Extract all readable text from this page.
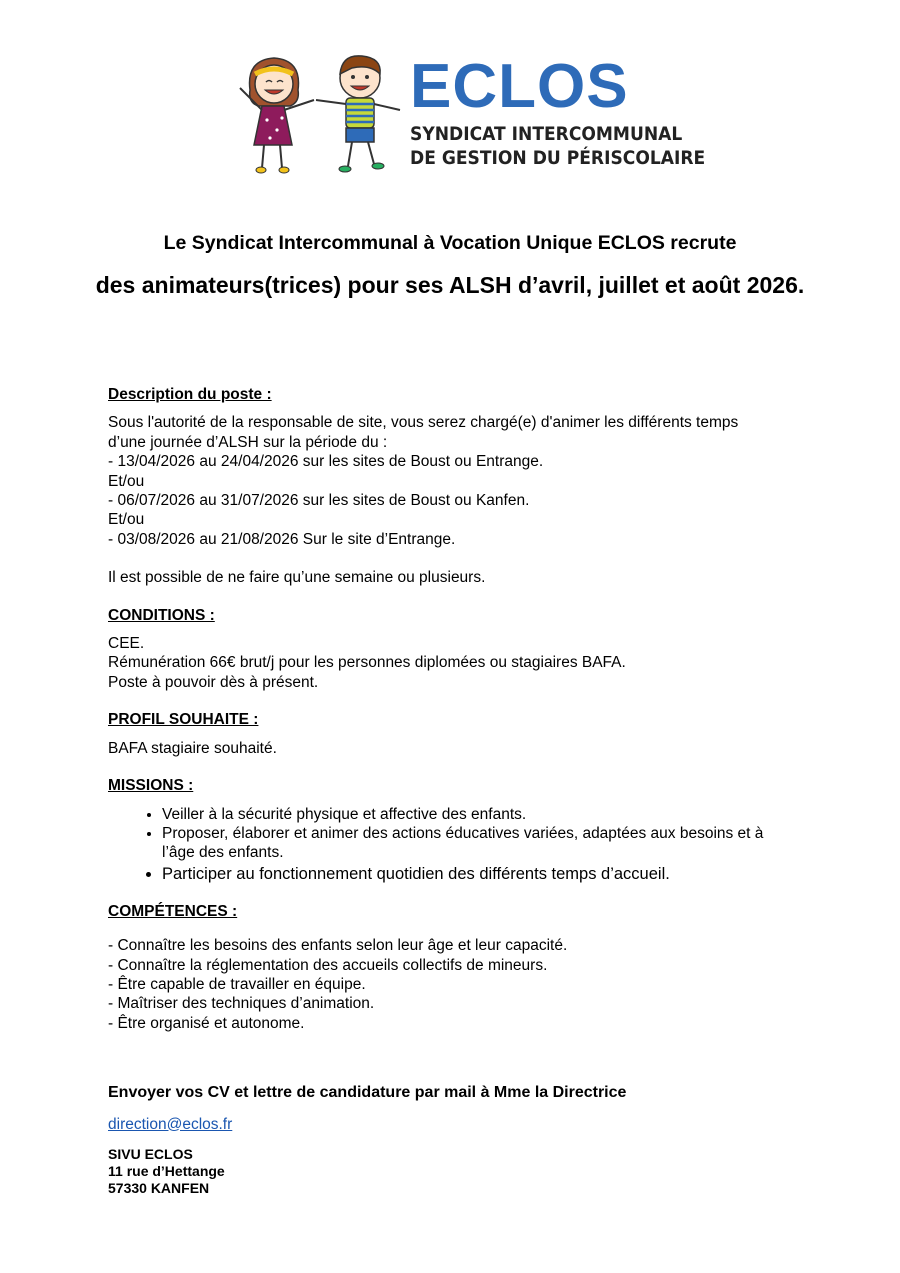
ECLOS
SYNDICAT INTERCOMMUNAL
DE GESTION DU PÉRISCOLAIRE
Le Syndicat Intercommunal à Vocation Unique ECLOS recrute
des animateurs(trices) pour ses ALSH d’avril, juillet et août 2026.

Description du poste :

Sous l'autorité de la responsable de site, vous serez chargé(e) d'animer les différents temps

d’une journée d’ALSH sur la période du :

- 13/04/2026 au 24/04/2026 sur les sites de Boust ou Entrange.

Et/ou

- 06/07/2026 au 31/07/2026 sur les sites de Boust ou Kanfen.

Et/ou

- 03/08/2026 au 21/08/2026 Sur le site d’Entrange.

Il est possible de ne faire qu’une semaine ou plusieurs.

CONDITIONS :

CEE.

Rémunération 66€ brut/j pour les personnes diplomées ou stagiaires BAFA.

Poste à pouvoir dès à présent.

PROFIL SOUHAITE :

BAFA stagiaire souhaité.

MISSIONS :

• Veiller à la sécurité physique et affective des enfants.
• Proposer, élaborer et animer des actions éducatives variées, adaptées aux besoins et à l’âge des enfants.
• Participer au fonctionnement quotidien des différents temps d’accueil.

COMPÉTENCES :

- Connaître les besoins des enfants selon leur âge et leur capacité.

- Connaître la réglementation des accueils collectifs de mineurs.

- Être capable de travailler en équipe.

- Maîtriser des techniques d’animation.

- Être organisé et autonome.

Envoyer vos CV et lettre de candidature par mail à Mme la Directrice

direction@eclos.fr

SIVU ECLOS

11 rue d’Hettange

57330 KANFEN
